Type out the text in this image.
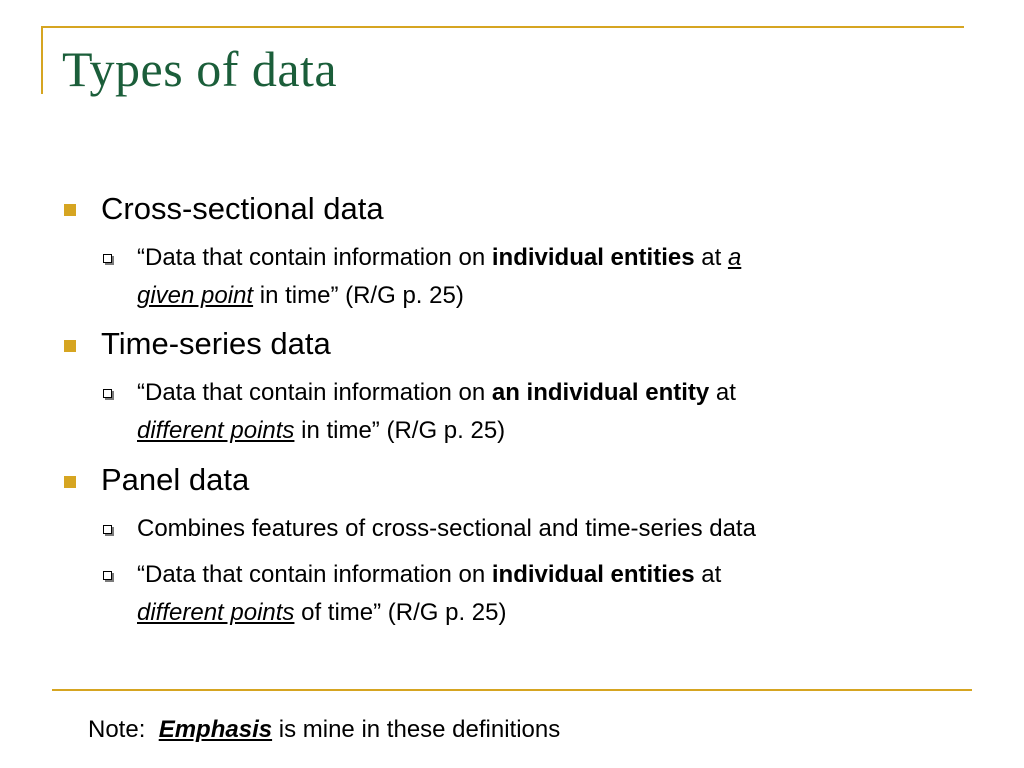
Types of data
Cross-sectional data
“Data that contain information on individual entities at a
given point in time” (R/G p. 25)
Time-series data
“Data that contain information on an individual entity at
different points in time” (R/G p. 25)
Panel data
Combines features of cross-sectional and time-series data
“Data that contain information on individual entities at
different points of time” (R/G p. 25)
Note:  Emphasis is mine in these definitions
